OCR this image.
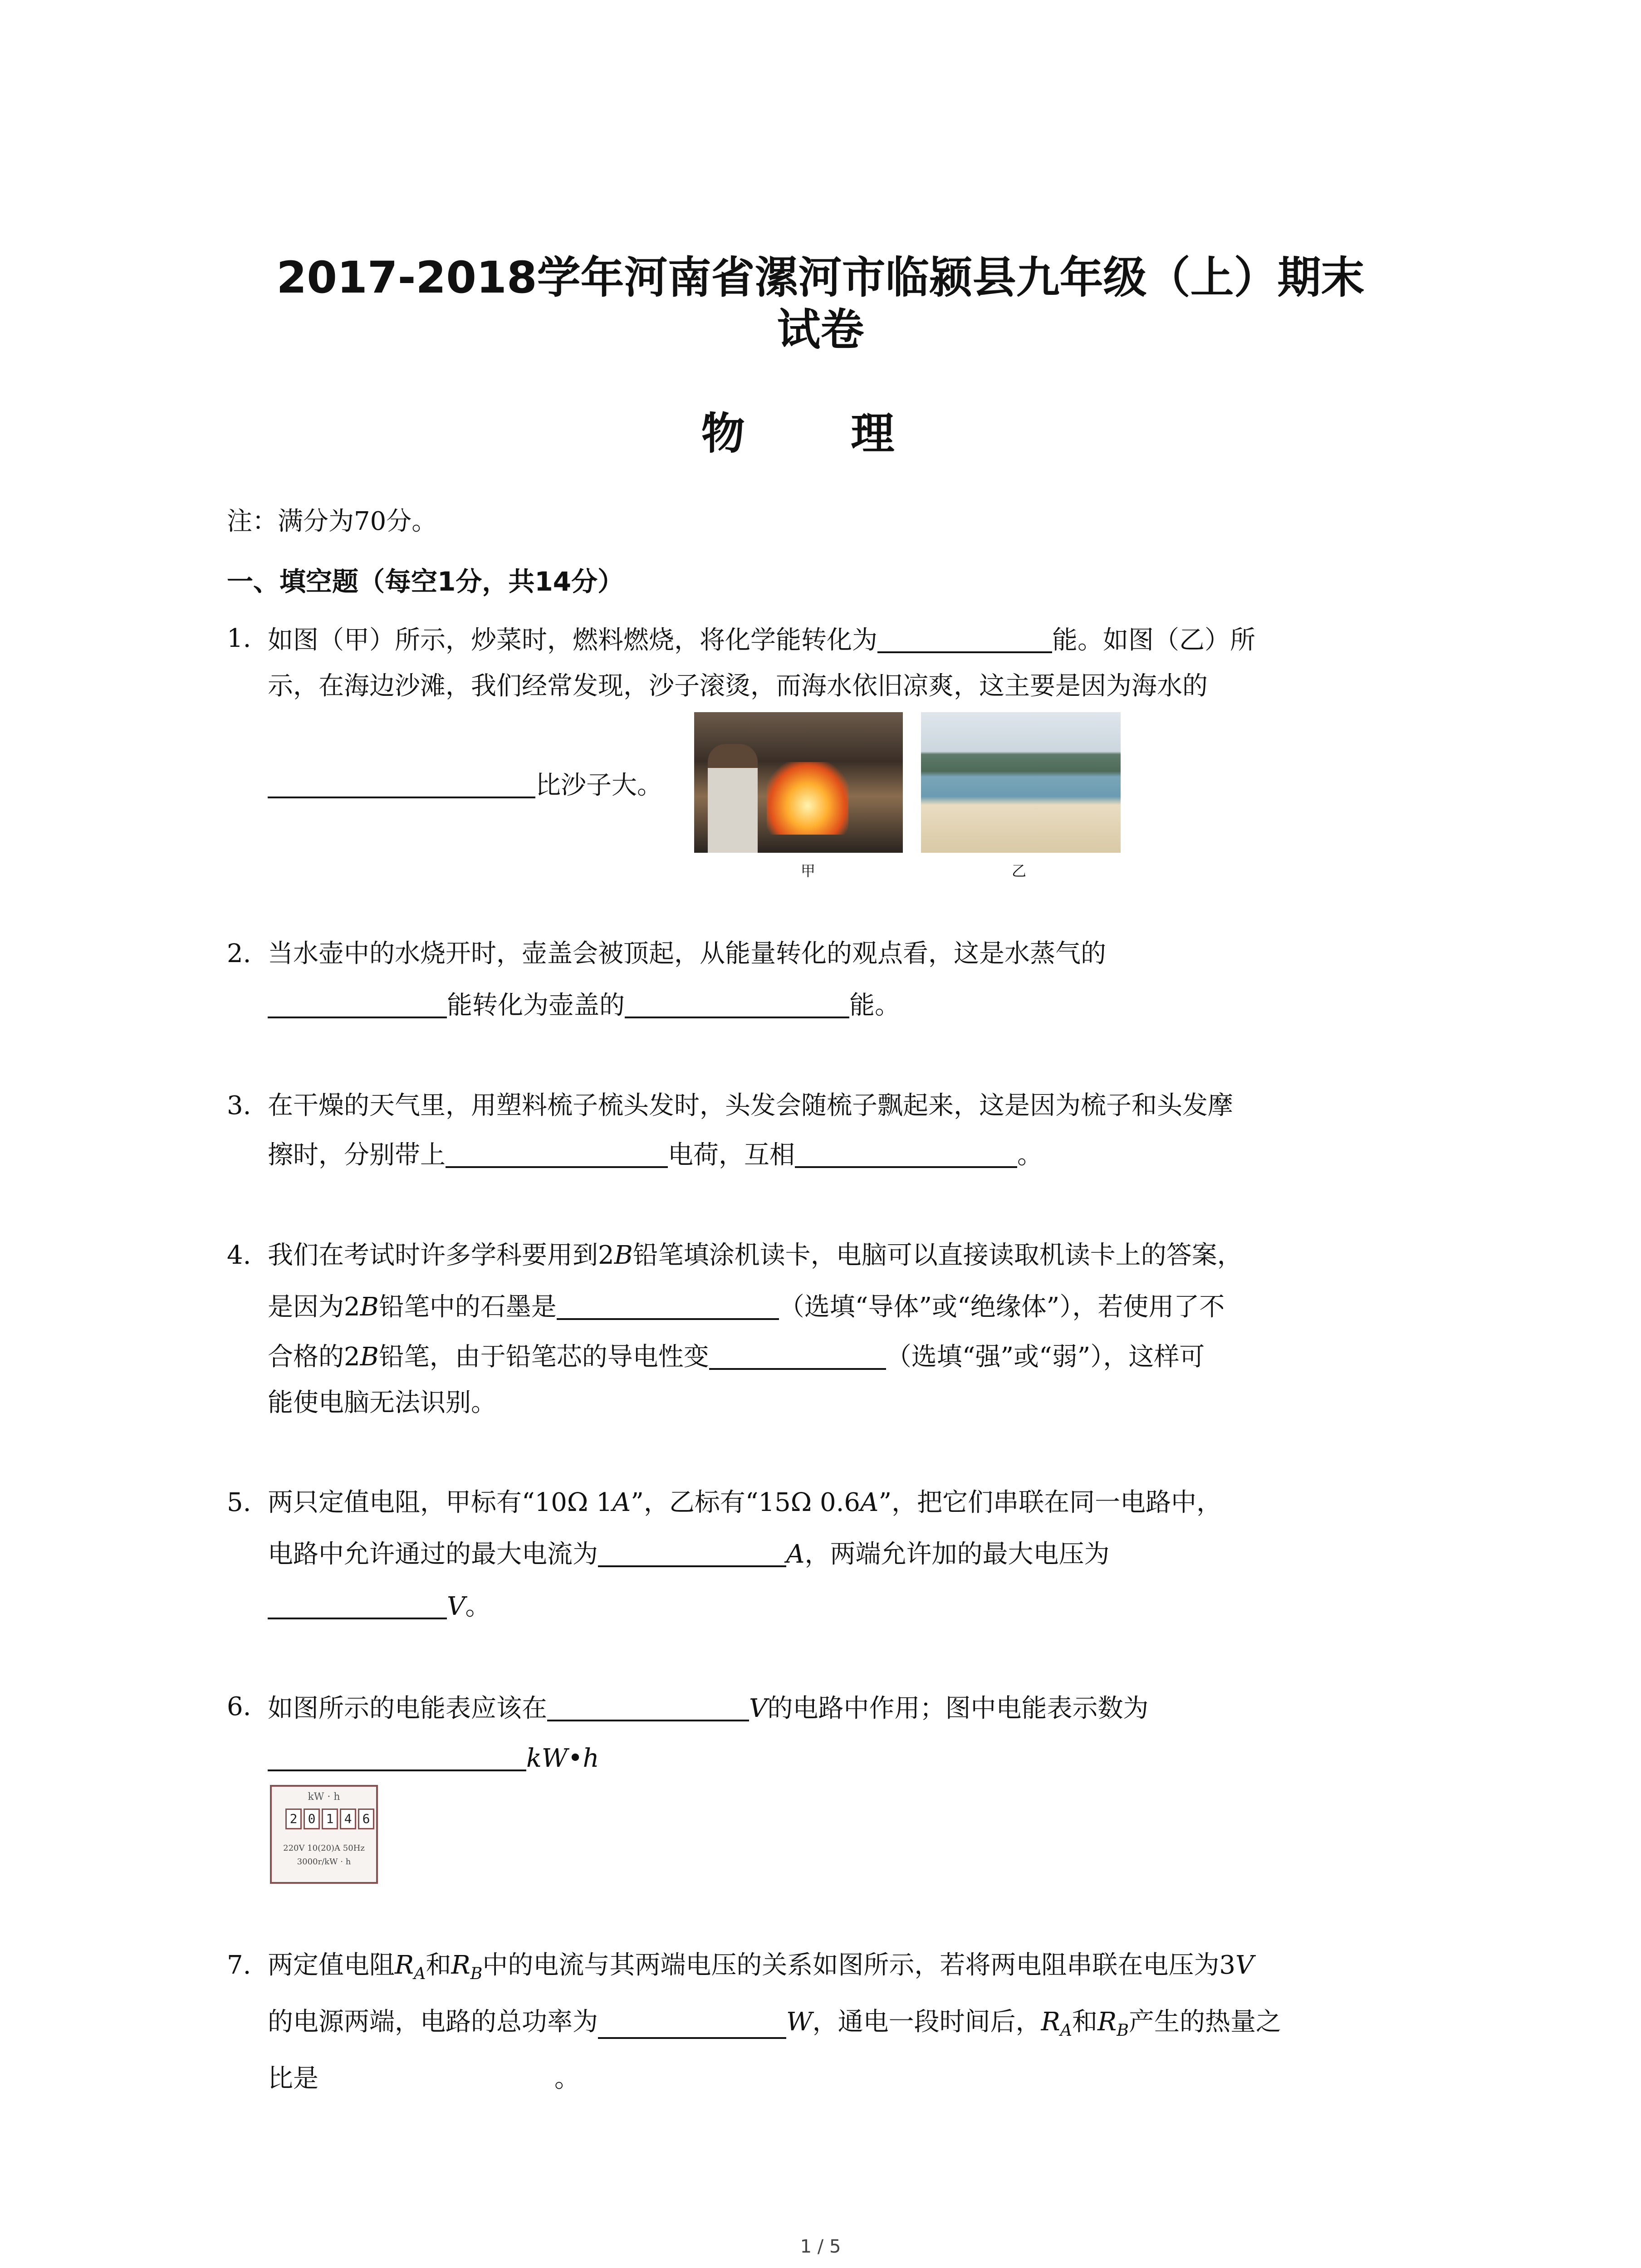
2017-2018学年河南省漯河市临颍县九年级（上）期末
试卷
物 理
注：满分为70分。
一、填空题（每空1分，共14分）
1. 如图（甲）所示，炒菜时，燃料燃烧，将化学能转化为	能。如图（乙）所
示，在海边沙滩，我们经常发现，沙子滚烫，而海水依旧凉爽，这主要是因为海水的
比沙子大。
甲	乙
2. 当水壶中的水烧开时，壶盖会被顶起，从能量转化的观点看，这是水蒸气的
能转化为壶盖的	能。
3. 在干燥的天气里，用塑料梳子梳头发时，头发会随梳子飘起来，这是因为梳子和头发摩
擦时，分别带上	电荷，互相	。
4. 我们在考试时许多学科要用到2B铅笔填涂机读卡，电脑可以直接读取机读卡上的答案，
是因为2B铅笔中的石墨是	（选填“导体”或“绝缘体”），若使用了不
合格的2B铅笔，由于铅笔芯的导电性变	（选填“强”或“弱”），这样可
能使电脑无法识别。
5. 两只定值电阻，甲标有“10Ω 1A”，乙标有“15Ω 0.6A”，把它们串联在同一电路中，
电路中允许通过的最大电流为	A，两端允许加的最大电压为
V。
6. 如图所示的电能表应该在	V的电路中作用；图中电能表示数为
kW•h
kW · h
2 0 1 4 6
220V 10(20)A 50Hz
3000r/kW · h
7. 两定值电阻$R_A$和$R_B$中的电流与其两端电压的关系如图所示，若将两电阻串联在电压为3V
的电源两端，电路的总功率为	W，通电一段时间后，$R_A$和$R_B$产生的热量之
比是	。
1 / 5
